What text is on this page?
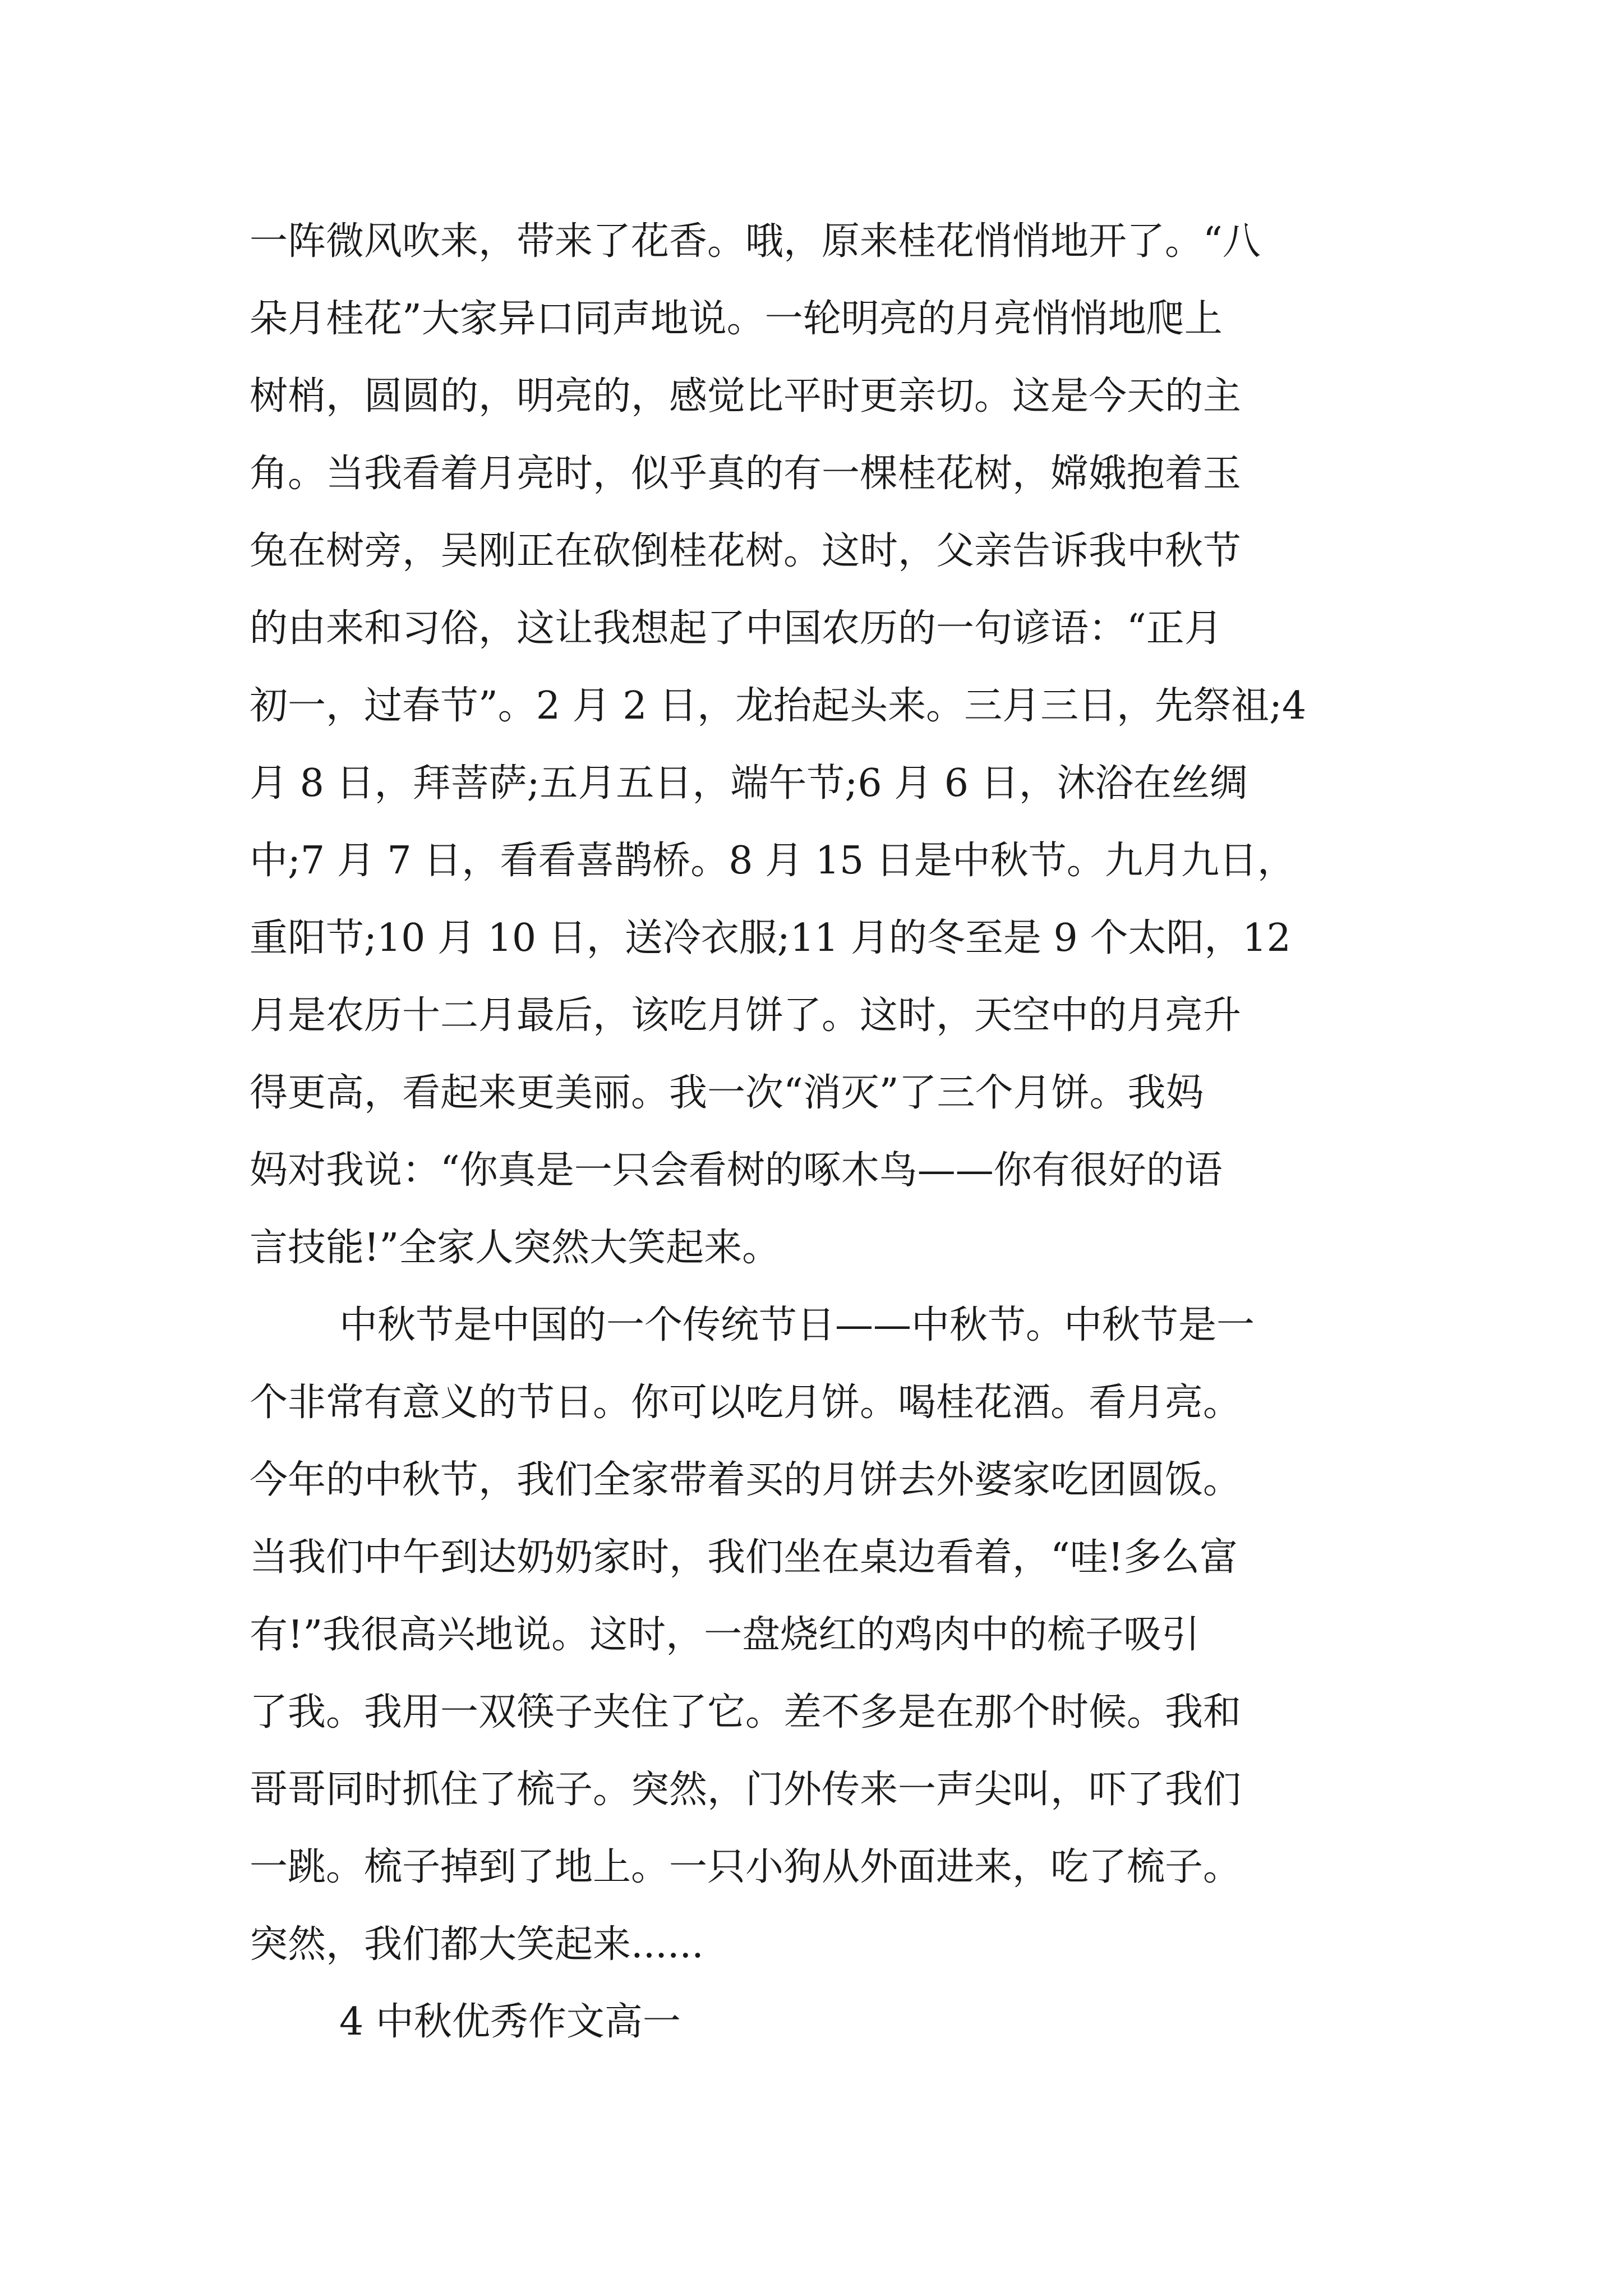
一阵微风吹来，带来了花香。哦，原来桂花悄悄地开了。“八
朵月桂花”大家异口同声地说。一轮明亮的月亮悄悄地爬上
树梢，圆圆的，明亮的，感觉比平时更亲切。这是今天的主
角。当我看着月亮时，似乎真的有一棵桂花树，嫦娥抱着玉
兔在树旁，吴刚正在砍倒桂花树。这时，父亲告诉我中秋节
的由来和习俗，这让我想起了中国农历的一句谚语：“正月
初一，过春节”。2 月 2 日，龙抬起头来。三月三日，先祭祖;4
月 8 日，拜菩萨;五月五日，端午节;6 月 6 日，沐浴在丝绸
中;7 月 7 日，看看喜鹊桥。8 月 15 日是中秋节。九月九日，
重阳节;10 月 10 日，送冷衣服;11 月的冬至是 9 个太阳，12
月是农历十二月最后，该吃月饼了。这时，天空中的月亮升
得更高，看起来更美丽。我一次“消灭”了三个月饼。我妈
妈对我说：“你真是一只会看树的啄木鸟——你有很好的语
言技能!”全家人突然大笑起来。
中秋节是中国的一个传统节日——中秋节。中秋节是一
个非常有意义的节日。你可以吃月饼。喝桂花酒。看月亮。
今年的中秋节，我们全家带着买的月饼去外婆家吃团圆饭。
当我们中午到达奶奶家时，我们坐在桌边看着，“哇!多么富
有!”我很高兴地说。这时，一盘烧红的鸡肉中的梳子吸引
了我。我用一双筷子夹住了它。差不多是在那个时候。我和
哥哥同时抓住了梳子。突然，门外传来一声尖叫，吓了我们
一跳。梳子掉到了地上。一只小狗从外面进来，吃了梳子。
突然，我们都大笑起来......
4 中秋优秀作文高一
